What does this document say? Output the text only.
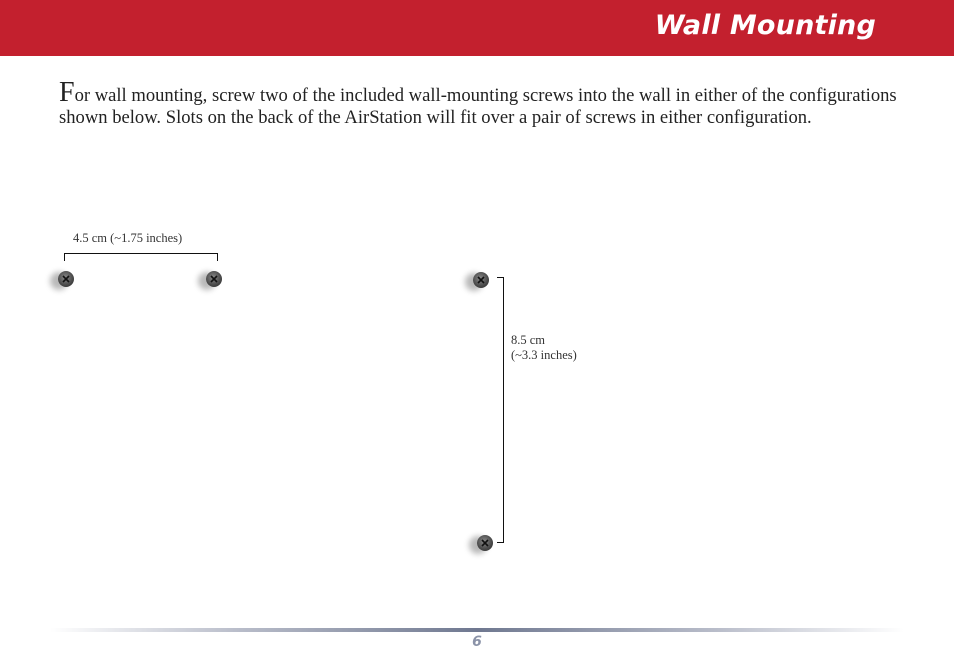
Wall Mounting

For wall mounting, screw two of the included wall-mounting screws into the wall in either of the configurations shown below. Slots on the back of the AirStation will fit over a pair of screws in either configuration.

4.5 cm (~1.75 inches)
8.5 cm
(~3.3 inches)
6
